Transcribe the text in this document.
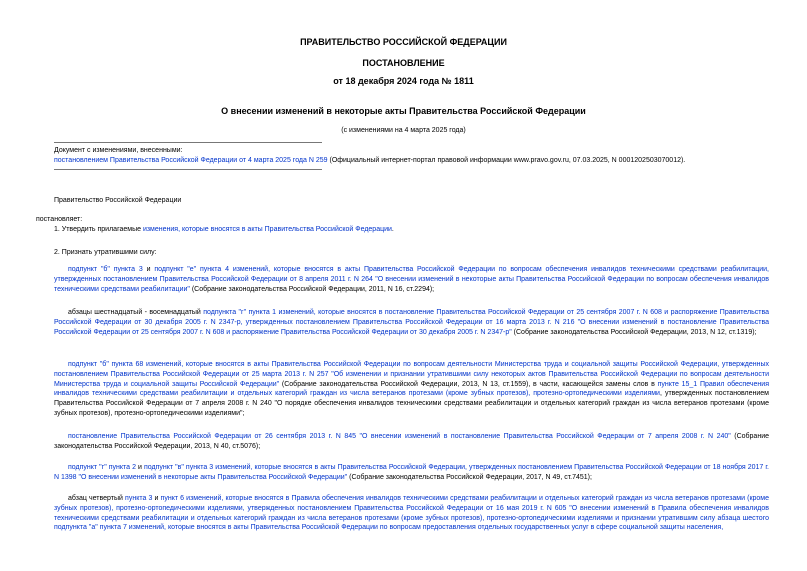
ПРАВИТЕЛЬСТВО РОССИЙСКОЙ ФЕДЕРАЦИИ
ПОСТАНОВЛЕНИЕ
от 18 декабря 2024 года № 1811
О внесении изменений в некоторые акты Правительства Российской Федерации
(с изменениями на 4 марта 2025 года)
Документ с изменениями, внесенными:
постановлением Правительства Российской Федерации от 4 марта 2025 года N 259 (Официальный интернет-портал правовой информации www.pravo.gov.ru, 07.03.2025, N 0001202503070012).
Правительство Российской Федерации
постановляет:
1. Утвердить прилагаемые изменения, которые вносятся в акты Правительства Российской Федерации.
2. Признать утратившими силу:
подпункт "б" пункта 3 и подпункт "е" пункта 4 изменений, которые вносятся в акты Правительства Российской Федерации по вопросам обеспечения инвалидов техническими средствами реабилитации, утвержденных постановлением Правительства Российской Федерации от 8 апреля 2011 г. N 264 "О внесении изменений в некоторые акты Правительства Российской Федерации по вопросам обеспечения инвалидов техническими средствами реабилитации" (Собрание законодательства Российской Федерации, 2011, N 16, ст.2294);
абзацы шестнадцатый - восемнадцатый подпункта "г" пункта 1 изменений, которые вносятся в постановление Правительства Российской Федерации от 25 сентября 2007 г. N 608 и распоряжение Правительства Российской Федерации от 30 декабря 2005 г. N 2347-р, утвержденных постановлением Правительства Российской Федерации от 16 марта 2013 г. N 216 "О внесении изменений в постановление Правительства Российской Федерации от 25 сентября 2007 г. N 608 и распоряжение Правительства Российской Федерации от 30 декабря 2005 г. N 2347-р" (Собрание законодательства Российской Федерации, 2013, N 12, ст.1319);
подпункт "б" пункта 68 изменений, которые вносятся в акты Правительства Российской Федерации по вопросам деятельности Министерства труда и социальной защиты Российской Федерации, утвержденных постановлением Правительства Российской Федерации от 25 марта 2013 г. N 257 "Об изменении и признании утратившими силу некоторых актов Правительства Российской Федерации по вопросам деятельности Министерства труда и социальной защиты Российской Федерации" (Собрание законодательства Российской Федерации, 2013, N 13, ст.1559), в части, касающейся замены слов в пункте 15_1 Правил обеспечения инвалидов техническими средствами реабилитации и отдельных категорий граждан из числа ветеранов протезами (кроме зубных протезов), протезно-ортопедическими изделиями, утвержденных постановлением Правительства Российской Федерации от 7 апреля 2008 г. N 240 "О порядке обеспечения инвалидов техническими средствами реабилитации и отдельных категорий граждан из числа ветеранов протезами (кроме зубных протезов), протезно-ортопедическими изделиями";
постановление Правительства Российской Федерации от 26 сентября 2013 г. N 845 "О внесении изменений в постановление Правительства Российской Федерации от 7 апреля 2008 г. N 240" (Собрание законодательства Российской Федерации, 2013, N 40, ст.5076);
подпункт "г" пункта 2 и подпункт "в" пункта 3 изменений, которые вносятся в акты Правительства Российской Федерации, утвержденных постановлением Правительства Российской Федерации от 18 ноября 2017 г. N 1398 "О внесении изменений в некоторые акты Правительства Российской Федерации" (Собрание законодательства Российской Федерации, 2017, N 49, ст.7451);
абзац четвертый пункта 3 и пункт 6 изменений, которые вносятся в Правила обеспечения инвалидов техническими средствами реабилитации и отдельных категорий граждан из числа ветеранов протезами (кроме зубных протезов), протезно-ортопедическими изделиями, утвержденных постановлением Правительства Российской Федерации от 16 мая 2019 г. N 605 "О внесении изменений в Правила обеспечения инвалидов техническими средствами реабилитации и отдельных категорий граждан из числа ветеранов протезами (кроме зубных протезов), протезно-ортопедическими изделиями и признании утратившим силу абзаца шестого подпункта "а" пункта 7 изменений, которые вносятся в акты Правительства Российской Федерации по вопросам предоставления отдельных государственных услуг в сфере социальной защиты населения,
